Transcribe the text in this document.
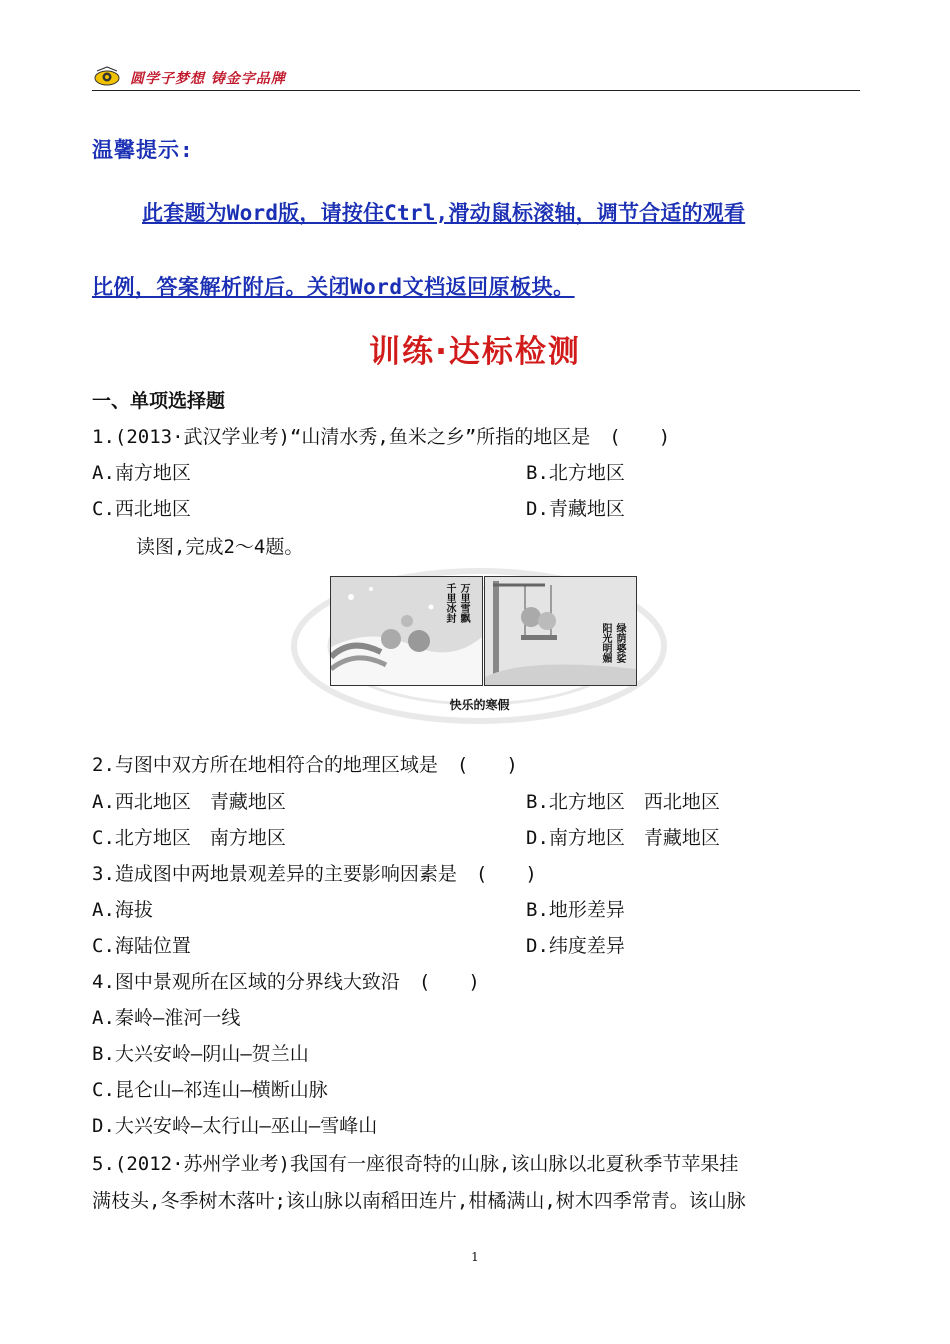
圆学子梦想 铸金字品牌
温馨提示:
此套题为Word版，请按住Ctrl,滑动鼠标滚轴，调节合适的观看
比例，答案解析附后。关闭Word文档返回原板块。
训练·达标检测
一、单项选择题
1.(2013·武汉学业考)“山清水秀,鱼米之乡”所指的地区是　(　　)
A.南方地区	B.北方地区
C.西北地区	D.青藏地区
读图,完成2～4题。
万里雪飘
千里冰封
绿荫婆娑
阳光明媚
快乐的寒假
2.与图中双方所在地相符合的地理区域是　(　　)
A.西北地区　青藏地区	B.北方地区　西北地区
C.北方地区　南方地区	D.南方地区　青藏地区
3.造成图中两地景观差异的主要影响因素是　(　　)
A.海拔	B.地形差异
C.海陆位置	D.纬度差异
4.图中景观所在区域的分界线大致沿　(　　)
A.秦岭—淮河一线
B.大兴安岭—阴山—贺兰山
C.昆仑山—祁连山—横断山脉
D.大兴安岭—太行山—巫山—雪峰山
5.(2012·苏州学业考)我国有一座很奇特的山脉,该山脉以北夏秋季节苹果挂
满枝头,冬季树木落叶;该山脉以南稻田连片,柑橘满山,树木四季常青。该山脉
1
